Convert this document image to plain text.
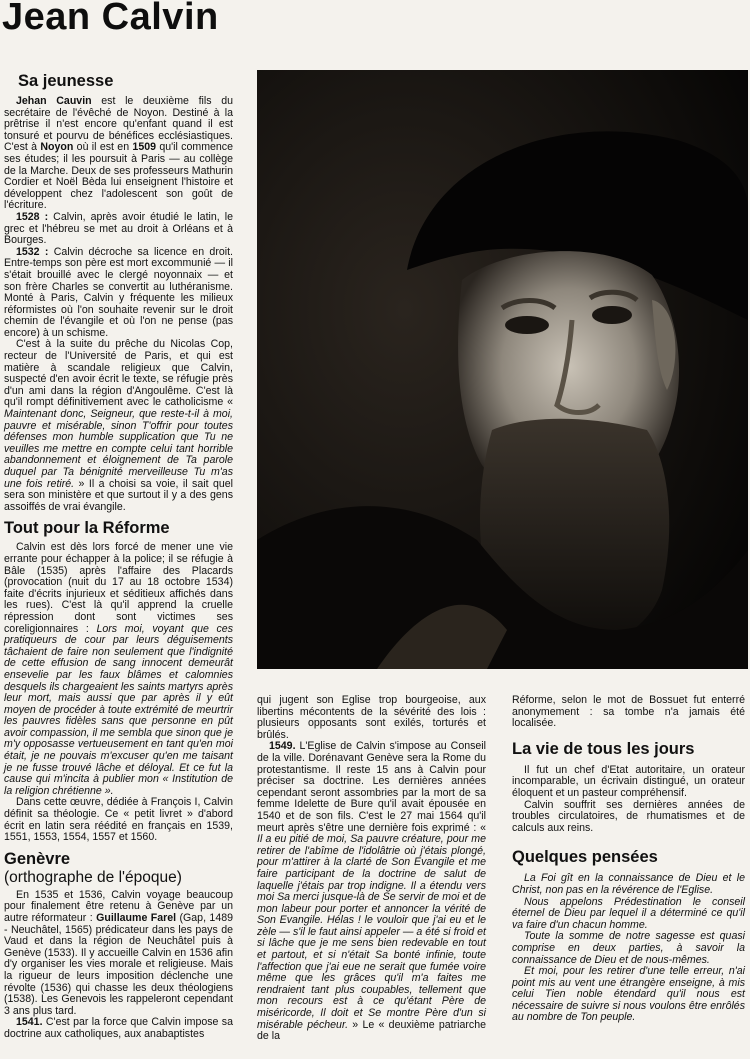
Jean Calvin
Sa jeunesse

Jehan Cauvin est le deuxième fils du secrétaire de l'évêché de Noyon. Destiné à la prêtrise il n'est encore qu'enfant quand il est tonsuré et pourvu de bénéfices ecclésiastiques. C'est à Noyon où il est en 1509 qu'il commence ses études; il les poursuit à Paris — au collège de la Marche. Deux de ses professeurs Mathurin Cordier et Noël Bèda lui enseignent l'histoire et développent chez l'adolescent son goût de l'écriture.

1528 : Calvin, après avoir étudié le latin, le grec et l'hébreu se met au droit à Orléans et à Bourges.

1532 : Calvin décroche sa licence en droit. Entre-temps son père est mort excommunié — il s'était brouillé avec le clergé noyonnaix — et son frère Charles se convertit au luthéranisme. Monté à Paris, Calvin y fréquente les milieux réformistes où l'on souhaite revenir sur le droit chemin de l'évangile et où l'on ne pense (pas encore) à un schisme.

C'est à la suite du prêche du Nicolas Cop, recteur de l'Université de Paris, et qui est matière à scandale religieux que Calvin, suspecté d'en avoir écrit le texte, se réfugie près d'un ami dans la région d'Angoulême. C'est là qu'il rompt définitivement avec le catholicisme « Maintenant donc, Seigneur, que reste-t-il à moi, pauvre et misérable, sinon T'offrir pour toutes défenses mon humble supplication que Tu ne veuilles me mettre en compte celui tant horrible abandonnement et éloignement de Ta parole duquel par Ta bénignité merveilleuse Tu m'as une fois retiré. » Il a choisi sa voie, il sait quel sera son ministère et que surtout il y a des gens assoiffés de vrai évangile.

Tout pour la Réforme

Calvin est dès lors forcé de mener une vie errante pour échapper à la police; il se réfugie à Bâle (1535) après l'affaire des Placards (provocation (nuit du 17 au 18 octobre 1534) faite d'écrits injurieux et séditieux affichés dans les rues). C'est là qu'il apprend la cruelle répression dont sont victimes ses coreligionnaires : Lors moi, voyant que ces pratiqueurs de cour par leurs déguisements tâchaient de faire non seulement que l'indignité de cette effusion de sang innocent demeurât ensevelie par les faux blâmes et calomnies desquels ils chargeaient les saints martyrs après leur mort, mais aussi que par après il y eût moyen de procéder à toute extrémité de meurtrir les pauvres fidèles sans que personne en pût avoir compassion, il me sembla que sinon que je m'y opposasse vertueusement en tant qu'en moi était, je ne pouvais m'excuser qu'en me taisant je ne fusse trouvé lâche et déloyal. Et ce fut la cause qui m'incita à publier mon « Institution de la religion chrétienne ».

Dans cette œuvre, dédiée à François I, Calvin définit sa théologie. Ce « petit livret » d'abord écrit en latin sera réédité en français en 1539, 1551, 1553, 1554, 1557 et 1560.

Genèvre
(orthographe de l'époque)

En 1535 et 1536, Calvin voyage beaucoup pour finalement être retenu à Genève par un autre réformateur : Guillaume Farel (Gap, 1489 - Neuchâtel, 1565) prédicateur dans les pays de Vaud et dans la région de Neuchâtel puis à Genève (1533). Il y accueille Calvin en 1536 afin d'y organiser les vies morale et religieuse. Mais la rigueur de leurs imposition déclenche une révolte (1536) qui chasse les deux théologiens (1538). Les Genevois les rappeleront cependant 3 ans plus tard.

1541. C'est par la force que Calvin impose sa doctrine aux catholiques, aux anabaptistes

qui jugent son Eglise trop bourgeoise, aux libertins mécontents de la sévérité des lois : plusieurs opposants sont exilés, torturés et brûlés.

1549. L'Eglise de Calvin s'impose au Conseil de la ville. Dorénavant Genève sera la Rome du protestantisme. Il reste 15 ans à Calvin pour préciser sa doctrine. Les dernières années cependant seront assombries par la mort de sa femme Idelette de Bure qu'il avait épousée en 1540 et de son fils. C'est le 27 mai 1564 qu'il meurt après s'être une dernière fois exprimé : « Il a eu pitié de moi, Sa pauvre créature, pour me retirer de l'abîme de l'idolâtrie où j'étais plongé, pour m'attirer à la clarté de Son Evangile et me faire participant de la doctrine de salut de laquelle j'étais par trop indigne. Il a étendu vers moi Sa merci jusque-là de Se servir de moi et de mon labeur pour porter et annoncer la vérité de Son Evangile. Hélas ! le vouloir que j'ai eu et le zèle — s'il le faut ainsi appeler — a été si froid et si lâche que je me sens bien redevable en tout et partout, et si n'était Sa bonté infinie, toute l'affection que j'ai eue ne serait que fumée voire même que les grâces qu'il m'a faites me rendraient tant plus coupables, tellement que mon recours est à ce qu'étant Père de miséricorde, Il doit et Se montre Père d'un si misérable pécheur. » Le « deuxième patriarche de la

Réforme, selon le mot de Bossuet fut enterré anonymement : sa tombe n'a jamais été localisée.

La vie de tous les jours

Il fut un chef d'Etat autoritaire, un orateur incomparable, un écrivain distingué, un orateur éloquent et un pasteur compréhensif.

Calvin souffrit ses dernières années de troubles circulatoires, de rhumatismes et de calculs aux reins.

Quelques pensées

La Foi gît en la connaissance de Dieu et le Christ, non pas en la révérence de l'Eglise.

Nous appelons Prédestination le conseil éternel de Dieu par lequel il a déterminé ce qu'il va faire d'un chacun homme.

Toute la somme de notre sagesse est quasi comprise en deux parties, à savoir la connaissance de Dieu et de nous-mêmes.

Et moi, pour les retirer d'une telle erreur, n'ai point mis au vent une étrangère enseigne, à mis celui Tien noble étendard qu'il nous est nécessaire de suivre si nous voulons être enrôlés au nombre de Ton peuple.
